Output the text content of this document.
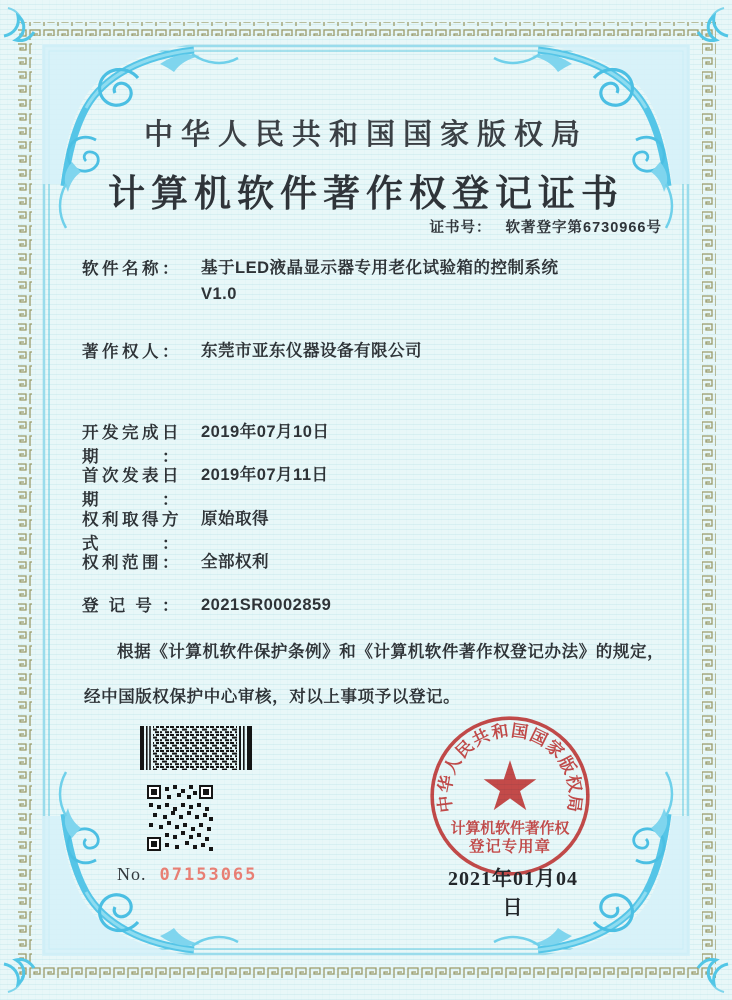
中华人民共和国国家版权局
计算机软件著作权登记证书
证书号： 软著登字第6730966号
软件名称： 基于LED液晶显示器专用老化试验箱的控制系统
V1.0
著作权人： 东莞市亚东仪器设备有限公司
开发完成日期：2019年07月10日
首次发表日期：2019年07月11日
权利取得方式：原始取得
权利范围： 全部权利
登记号： 2021SR0002859
根据《计算机软件保护条例》和《计算机软件著作权登记办法》的规定，经中国版权保护中心审核，对以上事项予以登记。
No. 07153065
中华人民共和国国家版权局
计算机软件著作权
登记专用章
2021年01月04日
